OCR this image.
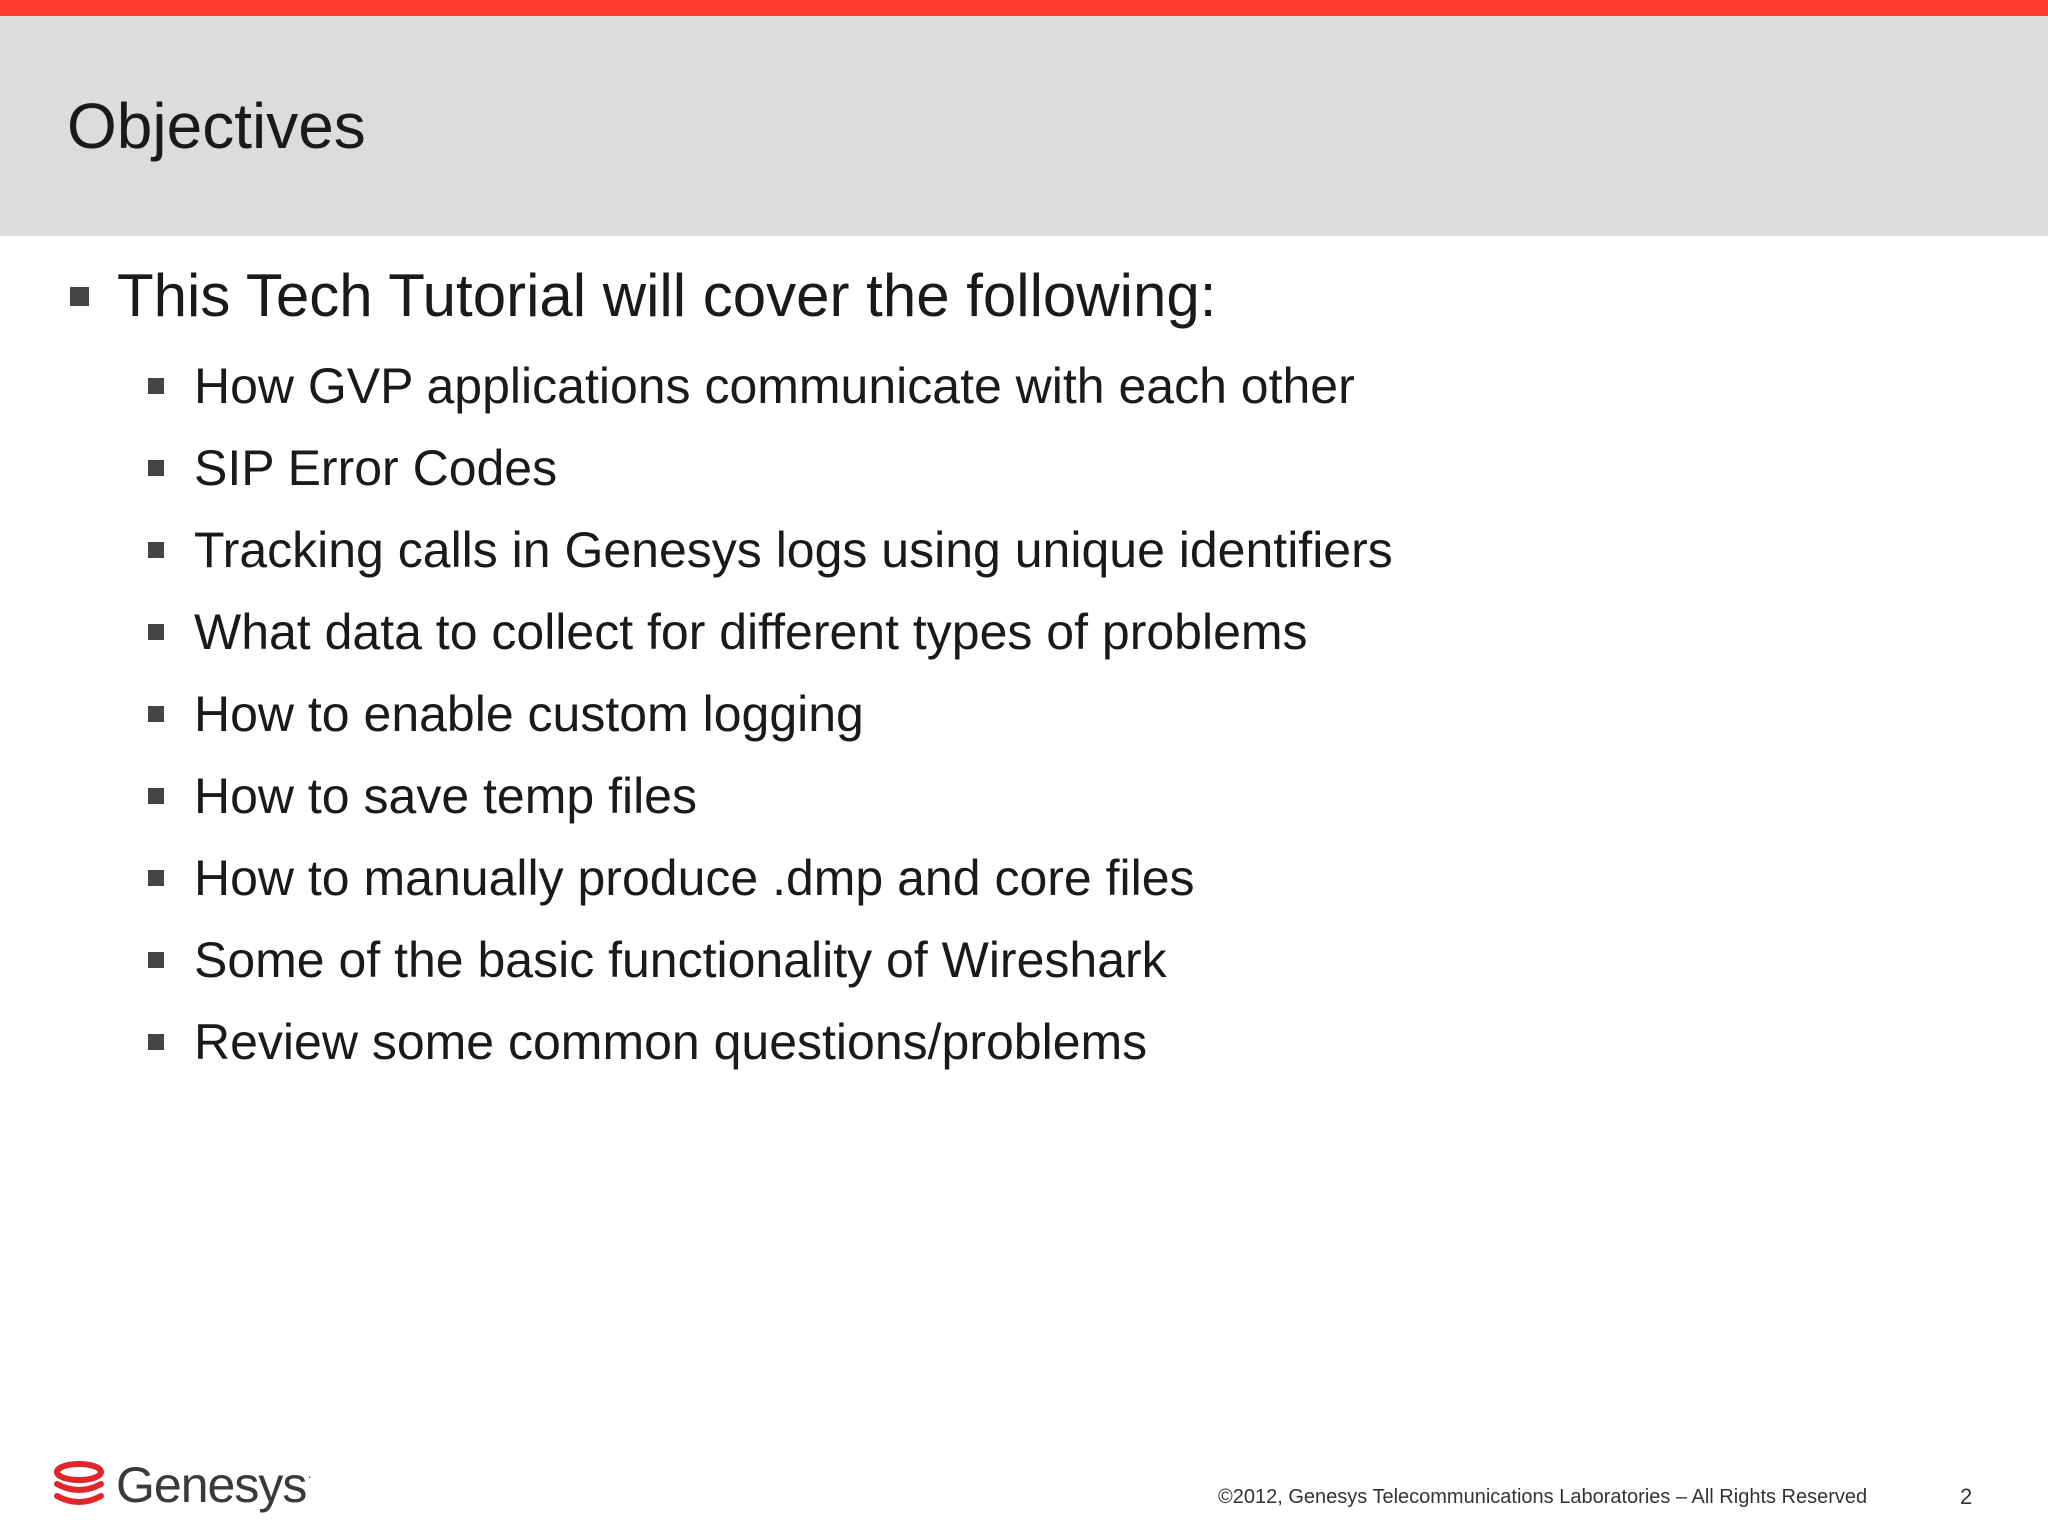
Objectives
This Tech Tutorial will cover the following:
How GVP applications communicate with each other
SIP Error Codes
Tracking calls in Genesys logs using unique identifiers
What data to collect for different types of problems
How to enable custom logging
How to save temp files
How to manually produce .dmp and core files
Some of the basic functionality of Wireshark
Review some common questions/problems
Genesys ·
©2012, Genesys Telecommunications Laboratories – All Rights Reserved	2
